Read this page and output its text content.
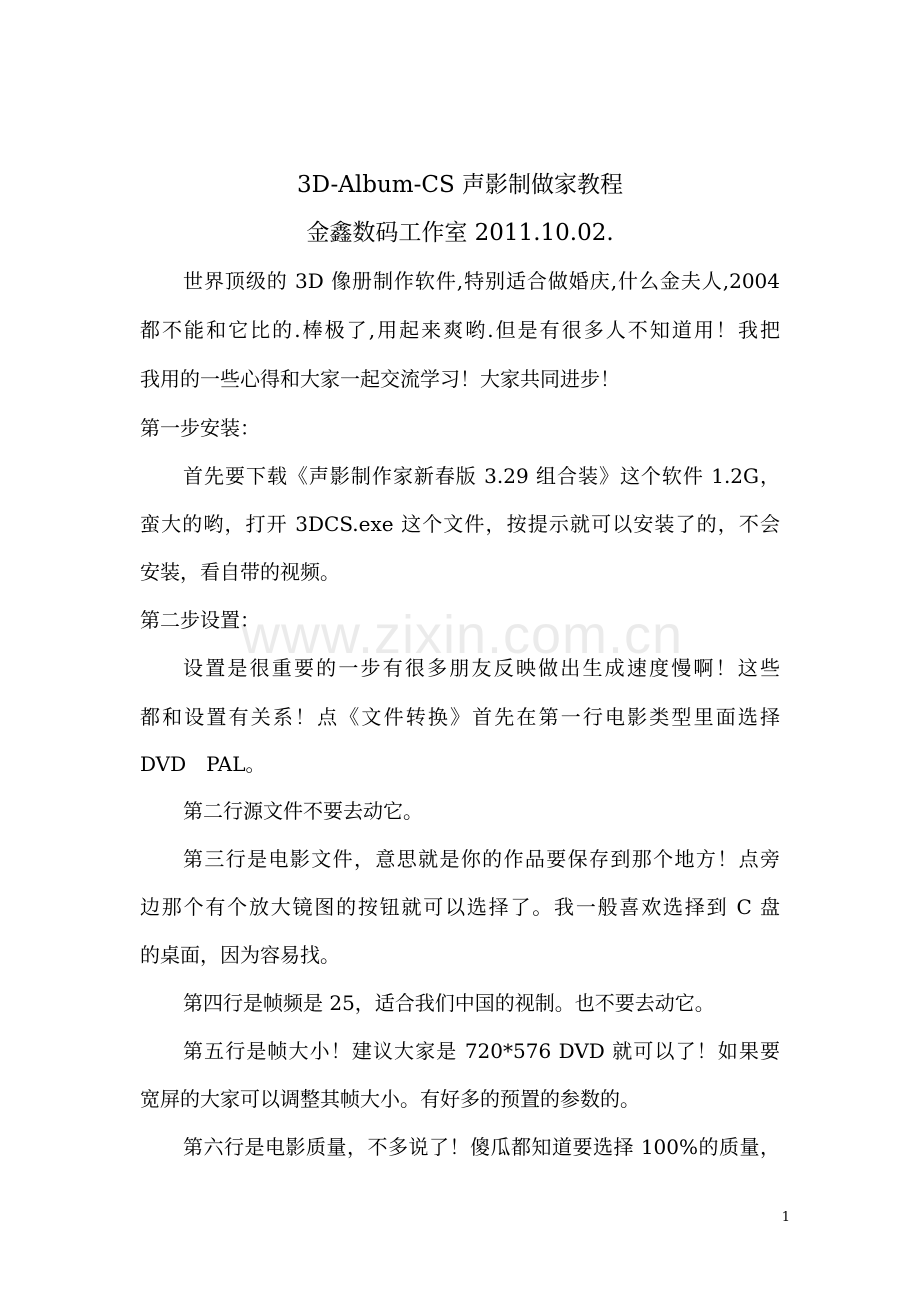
3D-Album-CS 声影制做家教程
金鑫数码工作室 2011.10.02.
世界顶级的 3D 像册制作软件,特别适合做婚庆,什么金夫人,2004
都不能和它比的.棒极了,用起来爽哟.但是有很多人不知道用！我把
我用的一些心得和大家一起交流学习！大家共同进步！
第一步安装：
首先要下载《声影制作家新春版 3.29 组合装》这个软件 1.2G，
蛮大的哟，打开 3DCS.exe 这个文件，按提示就可以安装了的，不会
安装，看自带的视频。
第二步设置：
设置是很重要的一步有很多朋友反映做出生成速度慢啊！这些
都和设置有关系！点《文件转换》首先在第一行电影类型里面选择
DVD　PAL。
第二行源文件不要去动它。
第三行是电影文件，意思就是你的作品要保存到那个地方！点旁
边那个有个放大镜图的按钮就可以选择了。我一般喜欢选择到 C 盘
的桌面，因为容易找。
第四行是帧频是 25，适合我们中国的视制。也不要去动它。
第五行是帧大小！建议大家是 720*576 DVD 就可以了！如果要
宽屏的大家可以调整其帧大小。有好多的预置的参数的。
第六行是电影质量，不多说了！傻瓜都知道要选择 100%的质量，
www.zixin.com.cn
1
